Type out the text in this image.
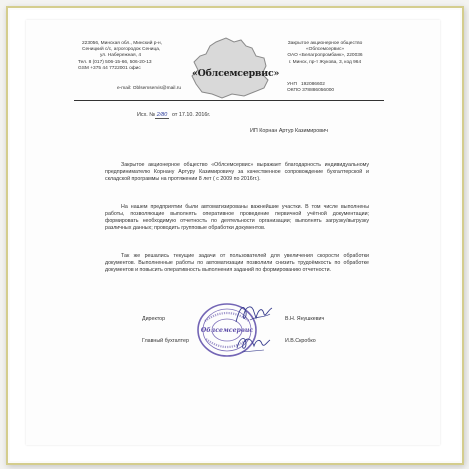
223056, Минская обл., Минский р-н,
Сеницкий с/с, агрогородок Сеница,
ул. Набережная, 4
Тел. 8 (017) 506-15-66, 506-20-13
GSM +375 44 7722001 офис
e-mail: Oblsemservis@mail.ru
«Облсемсервис»
Закрытое акционерное общество
«Облсемсервис»
ОАО «Белагропромбанк», 220036
г. Минск, пр-т Жукова, 3, код 964
УНП 192086602
ОКПО 378886056000
Исх. № 2/80 от 17.10. 2016г.
ИП Корнан Артур Казимирович
Закрытое акционерное общество «Облсемсервис» выражает благодарность индивидуальному предпринимателю Корнану Артуру Казимировичу за качественное сопровождение бухгалтерской и складской программы на протяжении 8 лет ( с 2009 по 2016гг.).
На нашем предприятии были автоматизированы важнейшие участки. В том числе выполнены работы, позволяющие выполнять оперативное проведение первичной учётной документации; формировать необходимую отчетность по деятельности организации; выполнять загрузку/выгрузку различных данных; проводить групповые обработки документов.
Так же решались текущие задачи от пользователей для увеличения скорости обработки документов. Выполненные работы по автоматизации позволили снизить трудоёмкость по обработке документов и повысить оперативность выполнения заданий по формированию отчетности.
Облсемсервис
Директор	В.Н. Янушкевич
Главный бухгалтер	И.В.Скробко
